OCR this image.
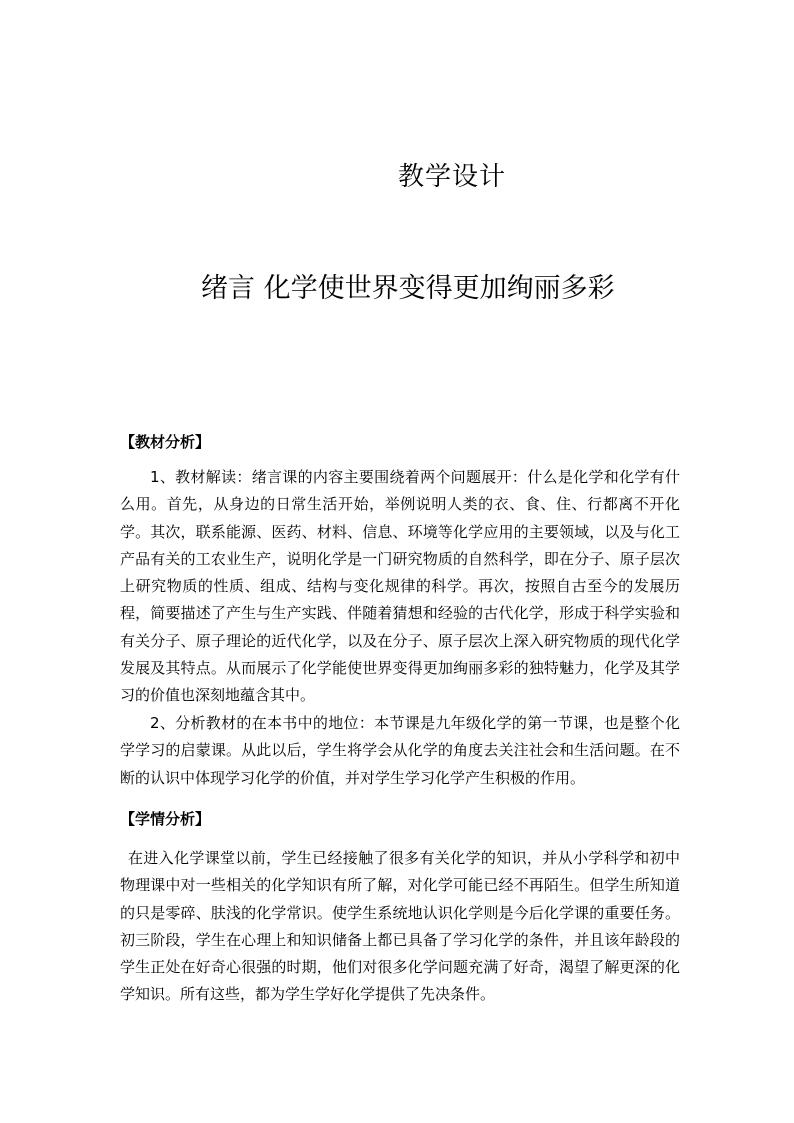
教学设计
绪言 化学使世界变得更加绚丽多彩
【教材分析】

1、教材解读：绪言课的内容主要围绕着两个问题展开：什么是化学和化学有什么用。首先，从身边的日常生活开始，举例说明人类的衣、食、住、行都离不开化学。其次，联系能源、医药、材料、信息、环境等化学应用的主要领域，以及与化工产品有关的工农业生产，说明化学是一门研究物质的自然科学，即在分子、原子层次上研究物质的性质、组成、结构与变化规律的科学。再次，按照自古至今的发展历程，简要描述了产生与生产实践、伴随着猜想和经验的古代化学，形成于科学实验和有关分子、原子理论的近代化学，以及在分子、原子层次上深入研究物质的现代化学发展及其特点。从而展示了化学能使世界变得更加绚丽多彩的独特魅力，化学及其学习的价值也深刻地蕴含其中。

2、分析教材的在本书中的地位：本节课是九年级化学的第一节课，也是整个化学学习的启蒙课。从此以后，学生将学会从化学的角度去关注社会和生活问题。在不断的认识中体现学习化学的价值，并对学生学习化学产生积极的作用。

【学情分析】

在进入化学课堂以前，学生已经接触了很多有关化学的知识，并从小学科学和初中物理课中对一些相关的化学知识有所了解，对化学可能已经不再陌生。但学生所知道的只是零碎、肤浅的化学常识。使学生系统地认识化学则是今后化学课的重要任务。初三阶段，学生在心理上和知识储备上都已具备了学习化学的条件，并且该年龄段的学生正处在好奇心很强的时期，他们对很多化学问题充满了好奇，渴望了解更深的化学知识。所有这些，都为学生学好化学提供了先决条件。
